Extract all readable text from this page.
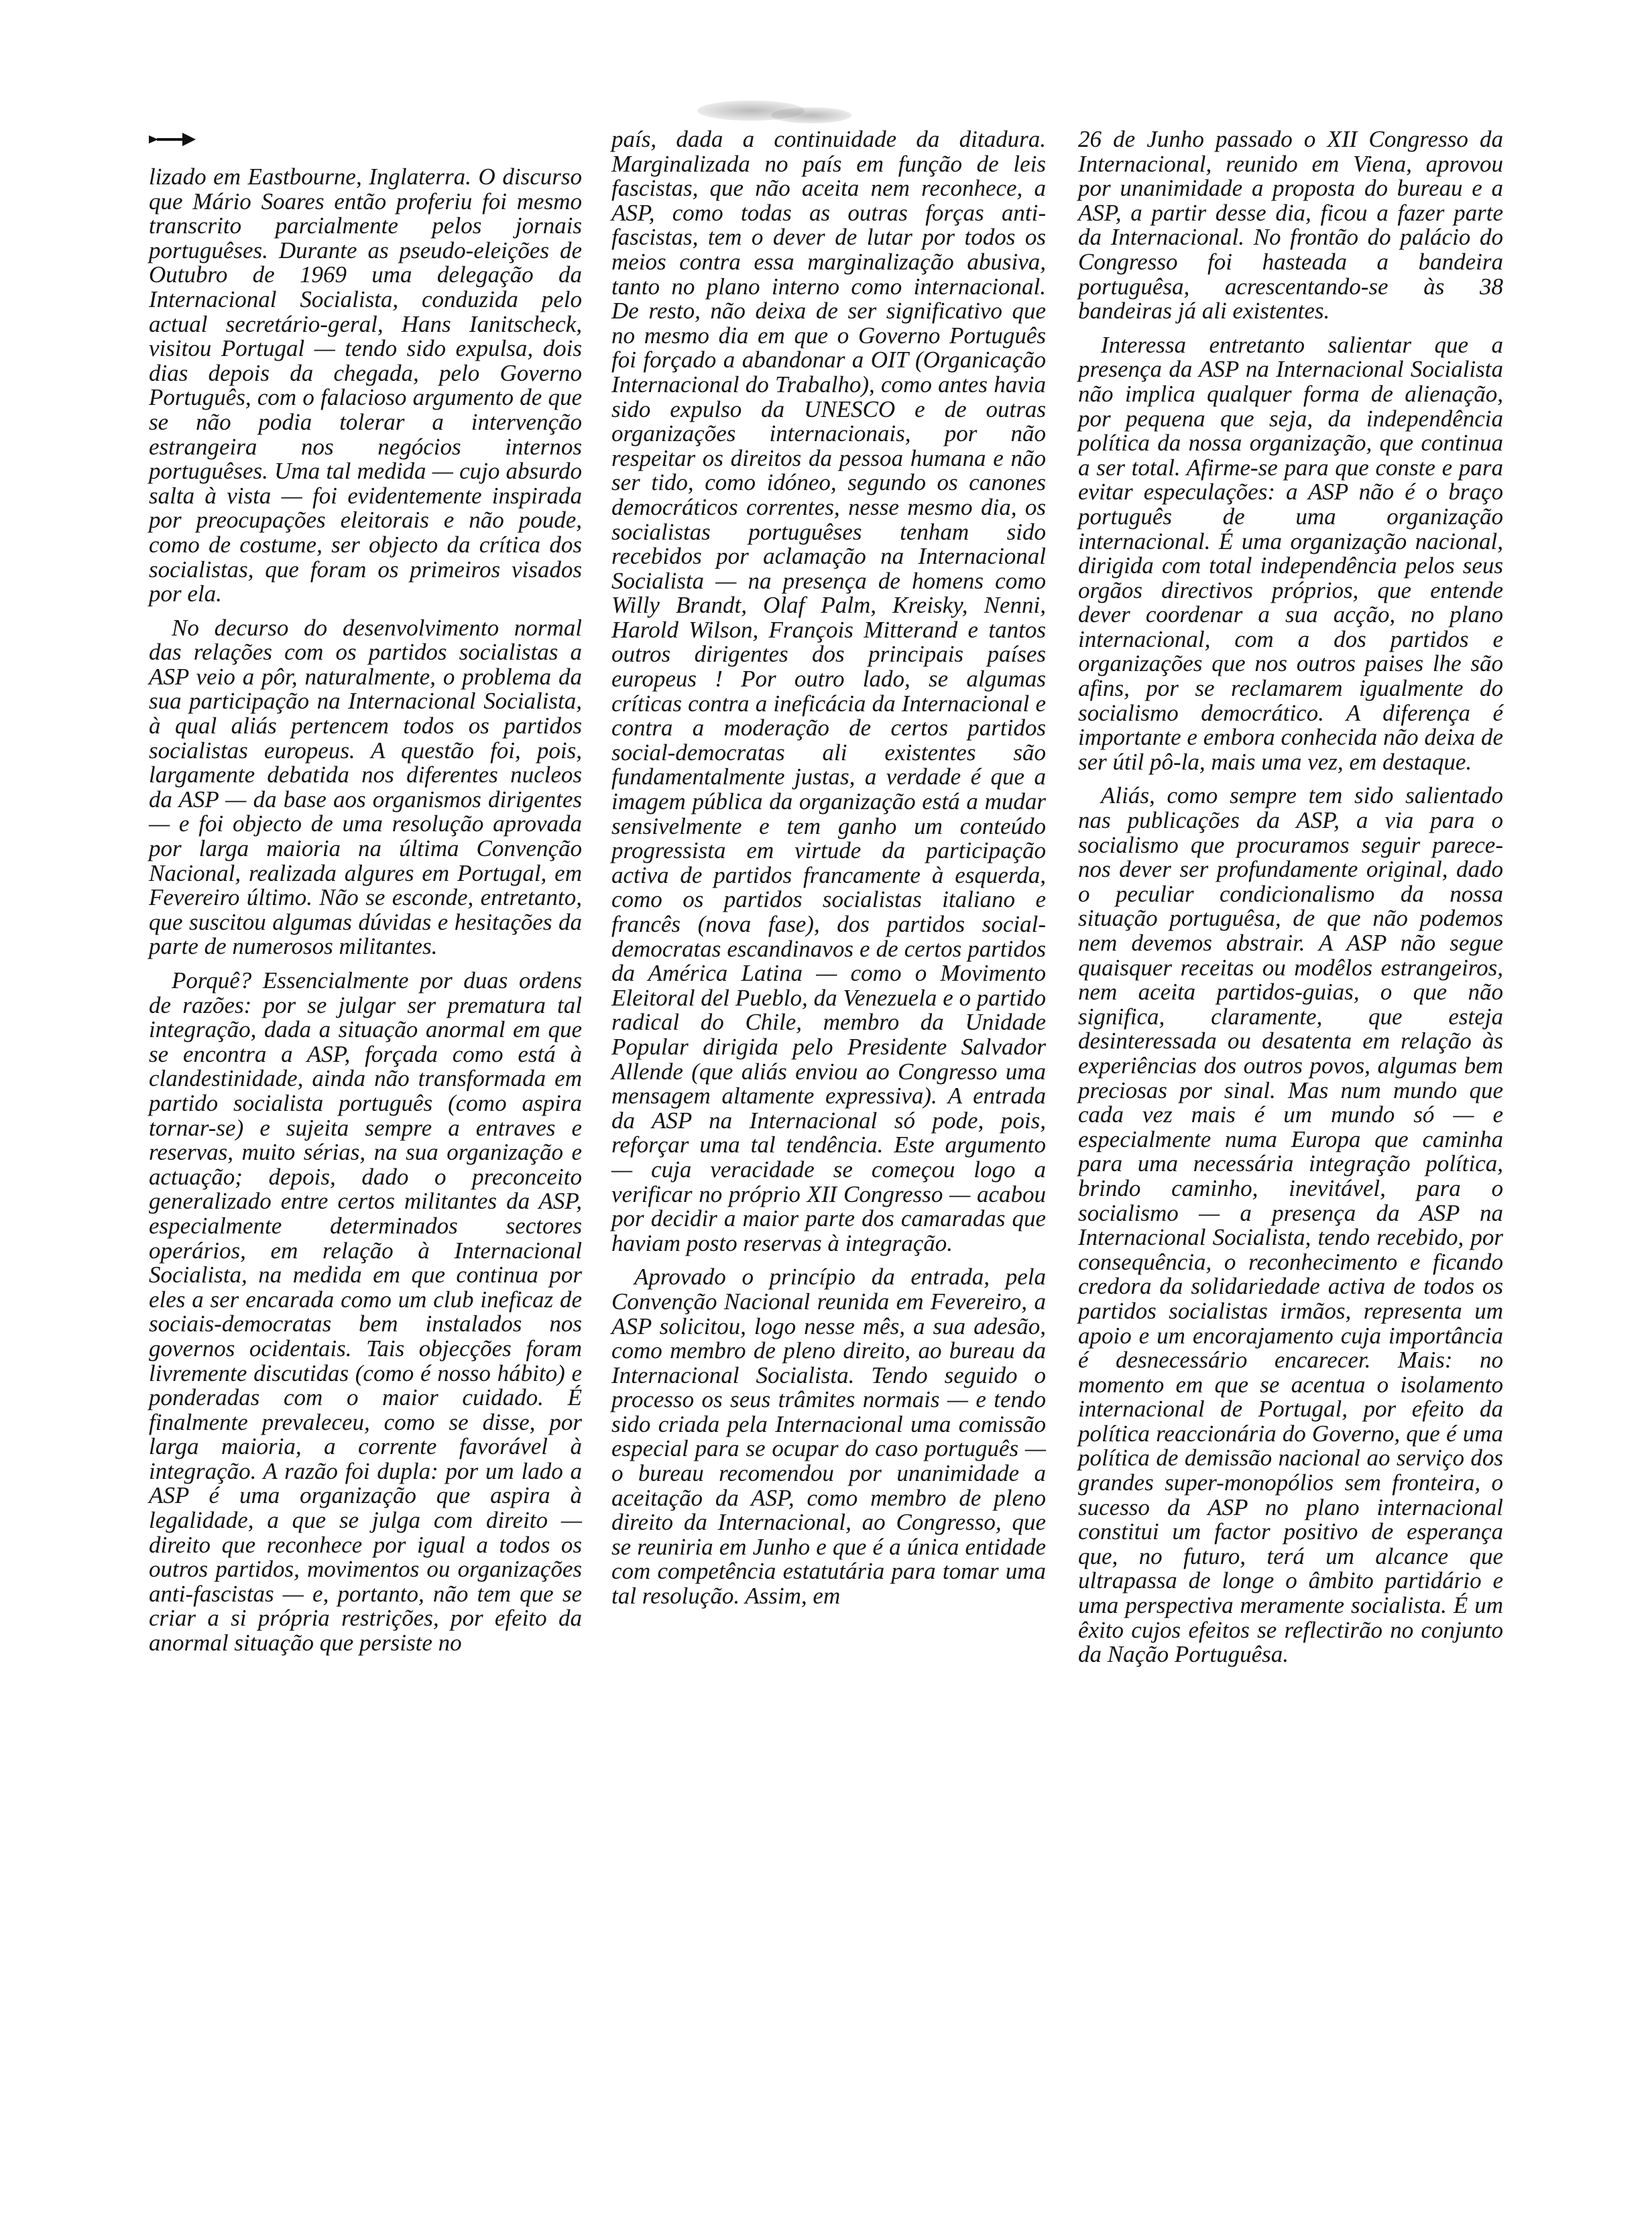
lizado em Eastbourne, Inglaterra. O discurso que Mário Soares então proferiu foi mesmo transcrito parcialmente pelos jornais portuguêses. Durante as pseudo-eleições de Outubro de 1969 uma delegação da Internacional Socialista, conduzida pelo actual secretário-geral, Hans Ianitscheck, visitou Portugal — tendo sido expulsa, dois dias depois da chegada, pelo Governo Português, com o falacioso argumento de que se não podia tolerar a intervenção estrangeira nos negócios internos portuguêses. Uma tal medida — cujo absurdo salta à vista — foi evidentemente inspirada por preocupações eleitorais e não poude, como de costume, ser objecto da crítica dos socialistas, que foram os primeiros visados por ela.

No decurso do desenvolvimento normal das relações com os partidos socialistas a ASP veio a pôr, naturalmente, o problema da sua participação na Internacional Socialista, à qual aliás pertencem todos os partidos socialistas europeus. A questão foi, pois, largamente debatida nos diferentes nucleos da ASP — da base aos organismos dirigentes — e foi objecto de uma resolução aprovada por larga maioria na última Convenção Nacional, realizada algures em Portugal, em Fevereiro último. Não se esconde, entretanto, que suscitou algumas dúvidas e hesitações da parte de numerosos militantes.

Porquê? Essencialmente por duas ordens de razões: por se julgar ser prematura tal integração, dada a situação anormal em que se encontra a ASP, forçada como está à clandestinidade, ainda não transformada em partido socialista português (como aspira tornar-se) e sujeita sempre a entraves e reservas, muito sérias, na sua organização e actuação; depois, dado o preconceito generalizado entre certos militantes da ASP, especialmente determinados sectores operários, em relação à Internacional Socialista, na medida em que continua por eles a ser encarada como um club ineficaz de sociais-democratas bem instalados nos governos ocidentais. Tais objecções foram livremente discutidas (como é nosso hábito) e ponderadas com o maior cuidado. É finalmente prevaleceu, como se disse, por larga maioria, a corrente favorável à integração. A razão foi dupla: por um lado a ASP é uma organização que aspira à legalidade, a que se julga com direito — direito que reconhece por igual a todos os outros partidos, movimentos ou organizações anti-fascistas — e, portanto, não tem que se criar a si própria restrições, por efeito da anormal situação que persiste no

país, dada a continuidade da ditadura. Marginalizada no país em função de leis fascistas, que não aceita nem reconhece, a ASP, como todas as outras forças anti-fascistas, tem o dever de lutar por todos os meios contra essa marginalização abusiva, tanto no plano interno como internacional. De resto, não deixa de ser significativo que no mesmo dia em que o Governo Português foi forçado a abandonar a OIT (Organicação Internacional do Trabalho), como antes havia sido expulso da UNESCO e de outras organizações internacionais, por não respeitar os direitos da pessoa humana e não ser tido, como idóneo, segundo os canones democráticos correntes, nesse mesmo dia, os socialistas portuguêses tenham sido recebidos por aclamação na Internacional Socialista — na presença de homens como Willy Brandt, Olaf Palm, Kreisky, Nenni, Harold Wilson, François Mitterand e tantos outros dirigentes dos principais países europeus ! Por outro lado, se algumas críticas contra a ineficácia da Internacional e contra a moderação de certos partidos social-democratas ali existentes são fundamentalmente justas, a verdade é que a imagem pública da organização está a mudar sensivelmente e tem ganho um conteúdo progressista em virtude da participação activa de partidos francamente à esquerda, como os partidos socialistas italiano e francês (nova fase), dos partidos social-democratas escandinavos e de certos partidos da América Latina — como o Movimento Eleitoral del Pueblo, da Venezuela e o partido radical do Chile, membro da Unidade Popular dirigida pelo Presidente Salvador Allende (que aliás enviou ao Congresso uma mensagem altamente expressiva). A entrada da ASP na Internacional só pode, pois, reforçar uma tal tendência. Este argumento — cuja veracidade se começou logo a verificar no próprio XII Congresso — acabou por decidir a maior parte dos camaradas que haviam posto reservas à integração.

Aprovado o princípio da entrada, pela Convenção Nacional reunida em Fevereiro, a ASP solicitou, logo nesse mês, a sua adesão, como membro de pleno direito, ao bureau da Internacional Socialista. Tendo seguido o processo os seus trâmites normais — e tendo sido criada pela Internacional uma comissão especial para se ocupar do caso português — o bureau recomendou por unanimidade a aceitação da ASP, como membro de pleno direito da Internacional, ao Congresso, que se reuniria em Junho e que é a única entidade com competência estatutária para tomar uma tal resolução. Assim, em

26 de Junho passado o XII Congresso da Internacional, reunido em Viena, aprovou por unanimidade a proposta do bureau e a ASP, a partir desse dia, ficou a fazer parte da Internacional. No frontão do palácio do Congresso foi hasteada a bandeira portuguêsa, acrescentando-se às 38 bandeiras já ali existentes.

Interessa entretanto salientar que a presença da ASP na Internacional Socialista não implica qualquer forma de alienação, por pequena que seja, da independência política da nossa organização, que continua a ser total. Afirme-se para que conste e para evitar especulações: a ASP não é o braço português de uma organização internacional. É uma organização nacional, dirigida com total independência pelos seus orgãos directivos próprios, que entende dever coordenar a sua acção, no plano internacional, com a dos partidos e organizações que nos outros paises lhe são afins, por se reclamarem igualmente do socialismo democrático. A diferença é importante e embora conhecida não deixa de ser útil pô-la, mais uma vez, em destaque.

Aliás, como sempre tem sido salientado nas publicações da ASP, a via para o socialismo que procuramos seguir parece-nos dever ser profundamente original, dado o peculiar condicionalismo da nossa situação portuguêsa, de que não podemos nem devemos abstrair. A ASP não segue quaisquer receitas ou modêlos estrangeiros, nem aceita partidos-guias, o que não significa, claramente, que esteja desinteressada ou desatenta em relação às experiências dos outros povos, algumas bem preciosas por sinal. Mas num mundo que cada vez mais é um mundo só — e especialmente numa Europa que caminha para uma necessária integração política, brindo caminho, inevitável, para o socialismo — a presença da ASP na Internacional Socialista, tendo recebido, por consequência, o reconhecimento e ficando credora da solidariedade activa de todos os partidos socialistas irmãos, representa um apoio e um encorajamento cuja importância é desnecessário encarecer. Mais: no momento em que se acentua o isolamento internacional de Portugal, por efeito da política reaccionária do Governo, que é uma política de demissão nacional ao serviço dos grandes super-monopólios sem fronteira, o sucesso da ASP no plano internacional constitui um factor positivo de esperança que, no futuro, terá um alcance que ultrapassa de longe o âmbito partidário e uma perspectiva meramente socialista. É um êxito cujos efeitos se reflectirão no conjunto da Nação Portuguêsa.
